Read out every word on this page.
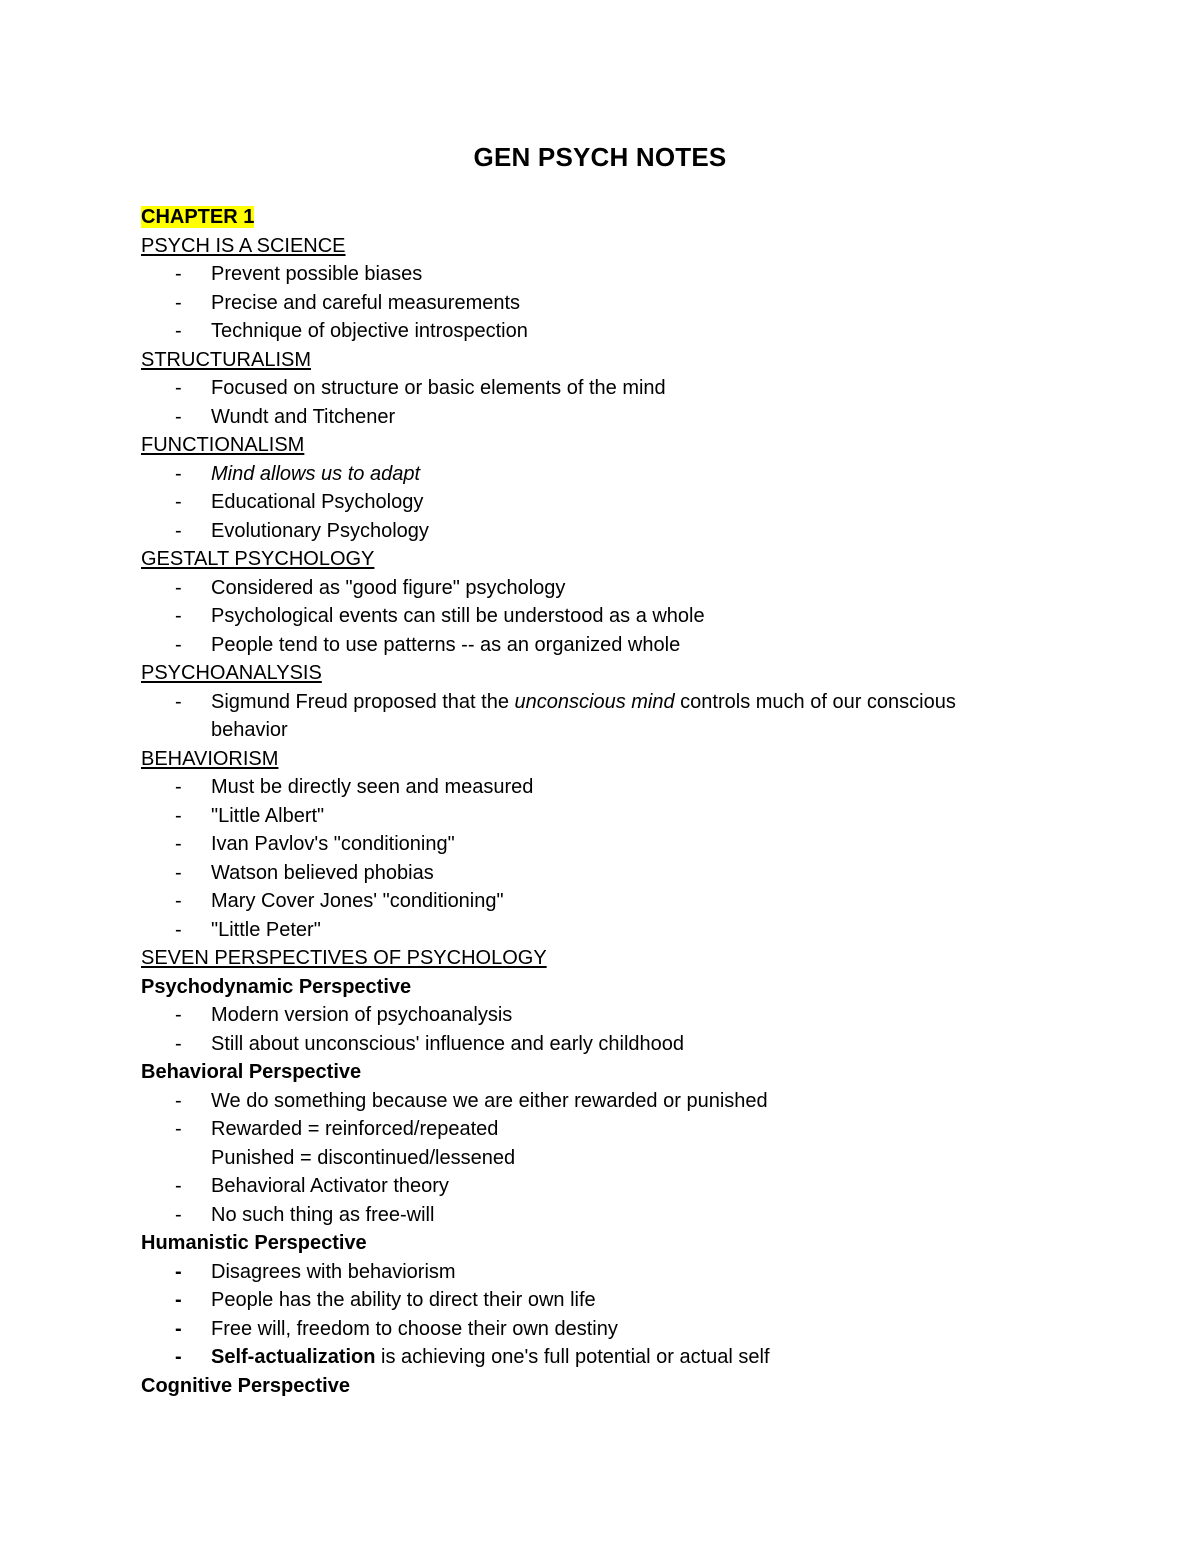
GEN PSYCH NOTES
CHAPTER 1
PSYCH IS A SCIENCE
- Prevent possible biases
- Precise and careful measurements
- Technique of objective introspection
STRUCTURALISM
- Focused on structure or basic elements of the mind
- Wundt and Titchener
FUNCTIONALISM
- Mind allows us to adapt
- Educational Psychology
- Evolutionary Psychology
GESTALT PSYCHOLOGY
- Considered as "good figure" psychology
- Psychological events can still be understood as a whole
- People tend to use patterns -- as an organized whole
PSYCHOANALYSIS
- Sigmund Freud proposed that the unconscious mind controls much of our conscious
behavior
BEHAVIORISM
- Must be directly seen and measured
- "Little Albert"
- Ivan Pavlov's "conditioning"
- Watson believed phobias
- Mary Cover Jones' "conditioning"
- "Little Peter"
SEVEN PERSPECTIVES OF PSYCHOLOGY
Psychodynamic Perspective
- Modern version of psychoanalysis
- Still about unconscious' influence and early childhood
Behavioral Perspective
- We do something because we are either rewarded or punished
- Rewarded = reinforced/repeated
Punished = discontinued/lessened
- Behavioral Activator theory
- No such thing as free-will
Humanistic Perspective
- Disagrees with behaviorism
- People has the ability to direct their own life
- Free will, freedom to choose their own destiny
- Self-actualization is achieving one's full potential or actual self
Cognitive Perspective
